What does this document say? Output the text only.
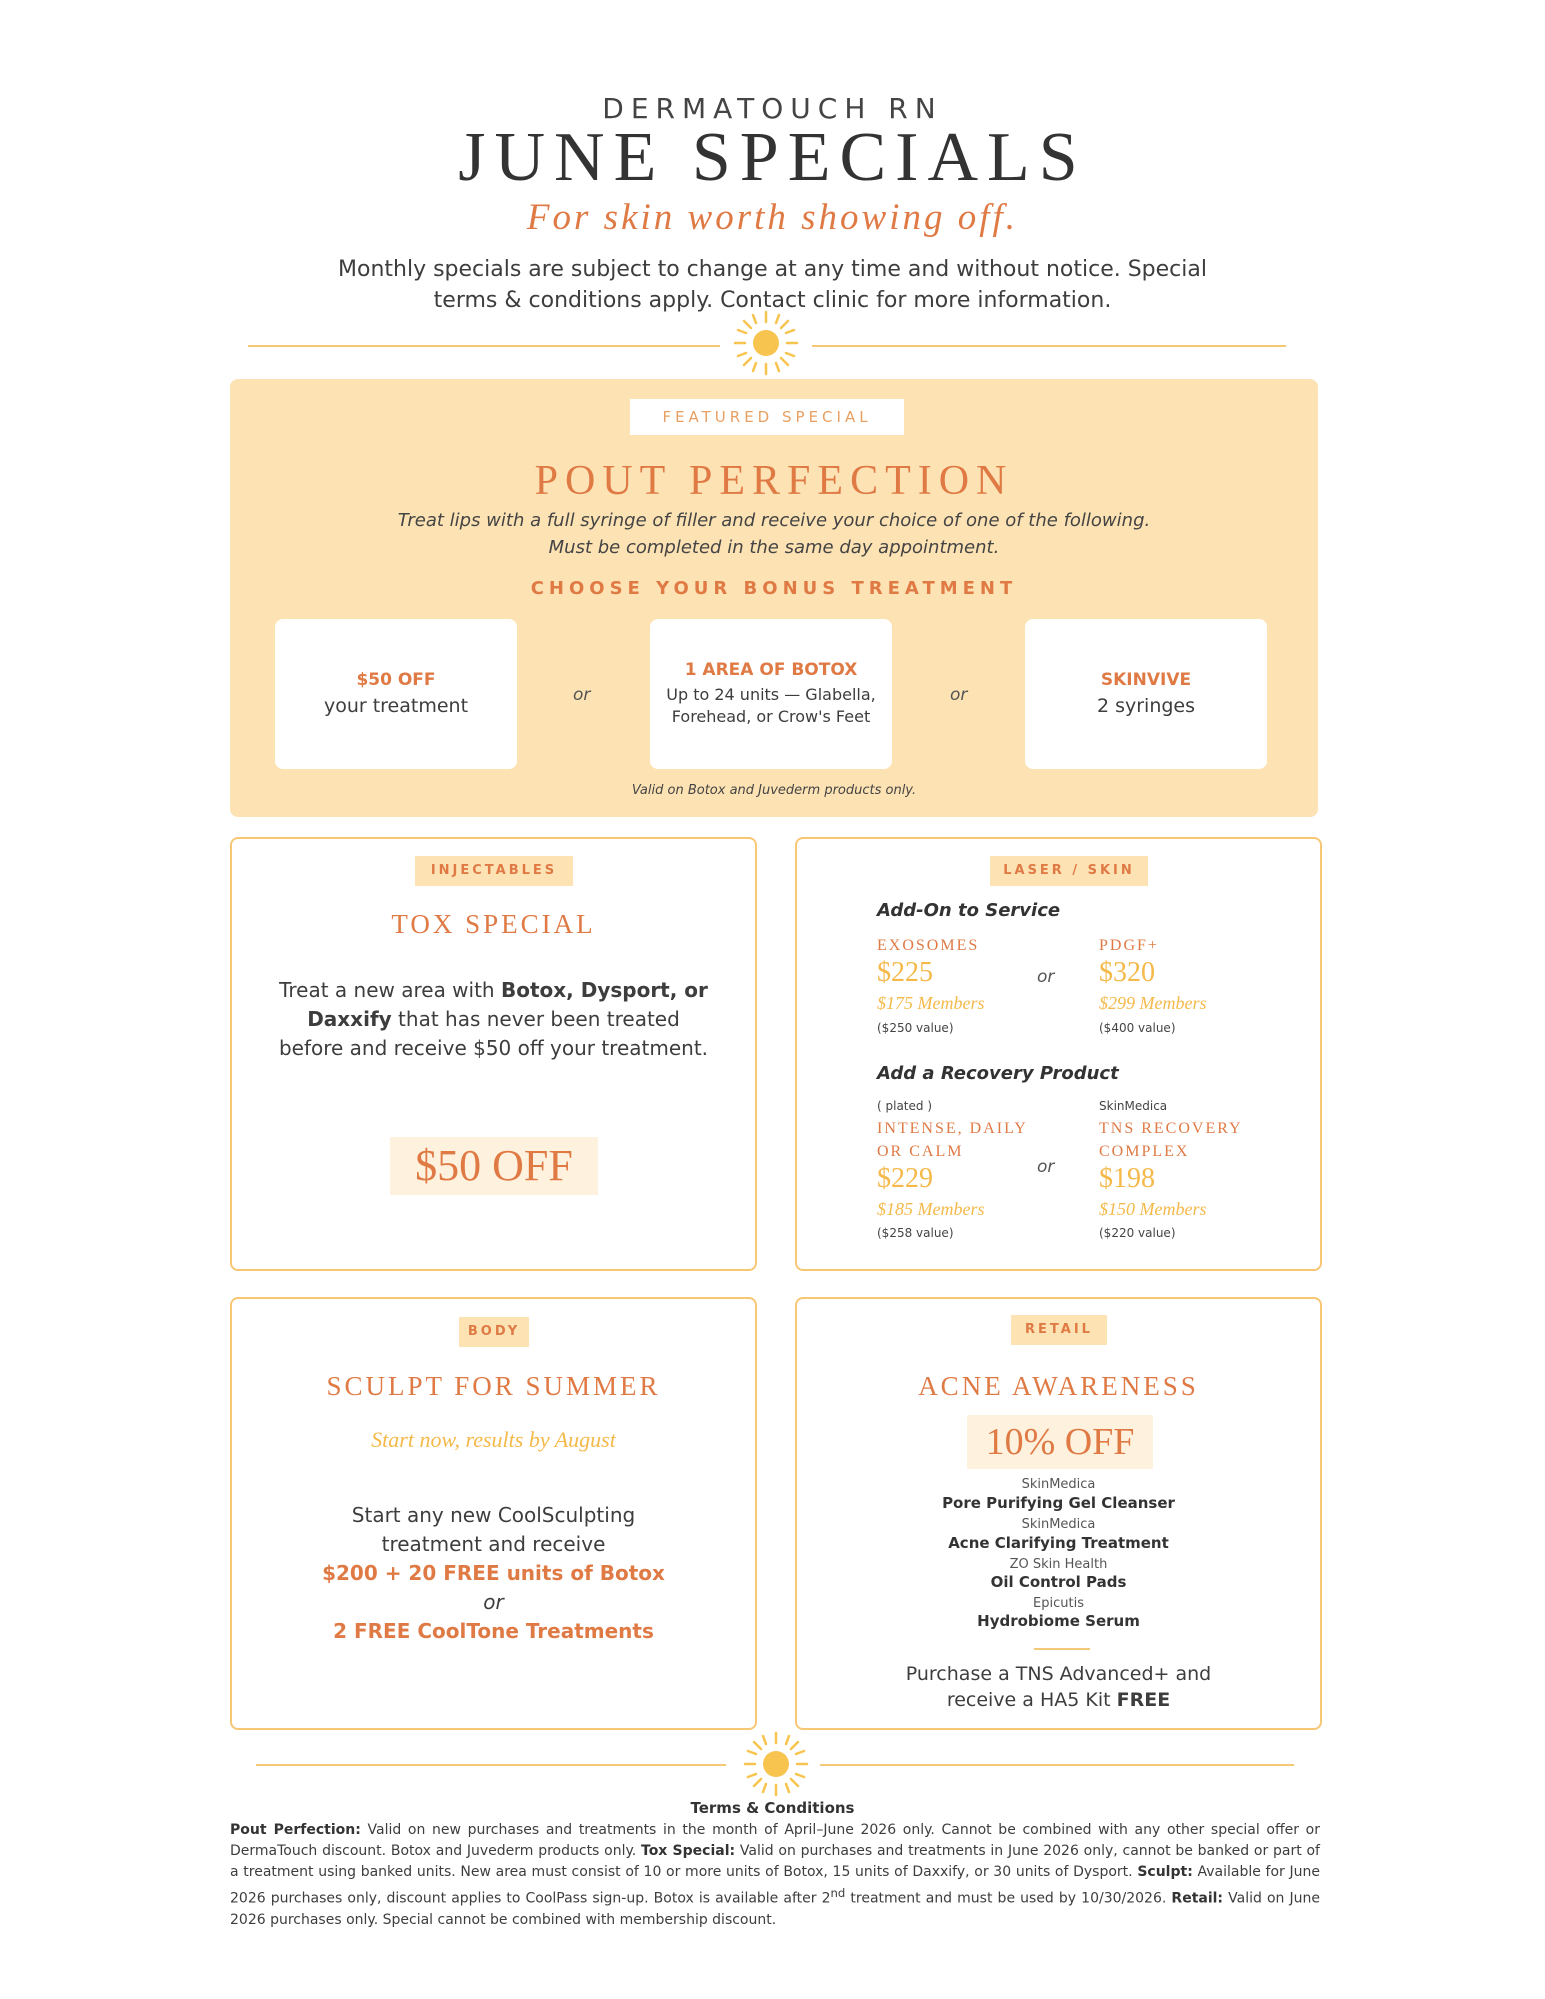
DERMATOUCH RN
JUNE SPECIALS
For skin worth showing off.
Monthly specials are subject to change at any time and without notice. Special terms & conditions apply. Contact clinic for more information.
FEATURED SPECIAL
POUT PERFECTION
Treat lips with a full syringe of filler and receive your choice of one of the following.
Must be completed in the same day appointment.
CHOOSE YOUR BONUS TREATMENT
$50 OFF
your treatment	or
1 AREA OF BOTOX
Up to 24 units — Glabella,
Forehead, or Crow's Feet
or
SKINVIVE
2 syringes
Valid on Botox and Juvederm products only.
INJECTABLES
TOX SPECIAL
Treat a new area with Botox, Dysport, or Daxxify that has never been treated before and receive $50 off your treatment.
$50 OFF
LASER / SKIN
Add-On to Service
EXOSOMES
$225
$175 Members
($250 value)
or
PDGF+
$320
$299 Members
($400 value)
Add a Recovery Product
( plated )
INTENSE, DAILY
OR CALM
$229
$185 Members
($258 value)
or
SkinMedica
TNS RECOVERY
COMPLEX
$198
$150 Members
($220 value)
BODY
SCULPT FOR SUMMER
Start now, results by August
Start any new CoolSculpting
treatment and receive
$200 + 20 FREE units of Botox
or
2 FREE CoolTone Treatments
RETAIL
ACNE AWARENESS
10% OFF
SkinMedica
Pore Purifying Gel Cleanser
SkinMedica
Acne Clarifying Treatment
ZO Skin Health
Oil Control Pads
Epicutis
Hydrobiome Serum
Purchase a TNS Advanced+ and
receive a HA5 Kit FREE
Terms & Conditions
Pout Perfection: Valid on new purchases and treatments in the month of April–June 2026 only. Cannot be combined with any other special offer or DermaTouch discount. Botox and Juvederm products only. Tox Special: Valid on purchases and treatments in June 2026 only, cannot be banked or part of a treatment using banked units. New area must consist of 10 or more units of Botox, 15 units of Daxxify, or 30 units of Dysport. Sculpt: Available for June 2026 purchases only, discount applies to CoolPass sign-up. Botox is available after 2nd treatment and must be used by 10/30/2026. Retail: Valid on June 2026 purchases only. Special cannot be combined with membership discount.
